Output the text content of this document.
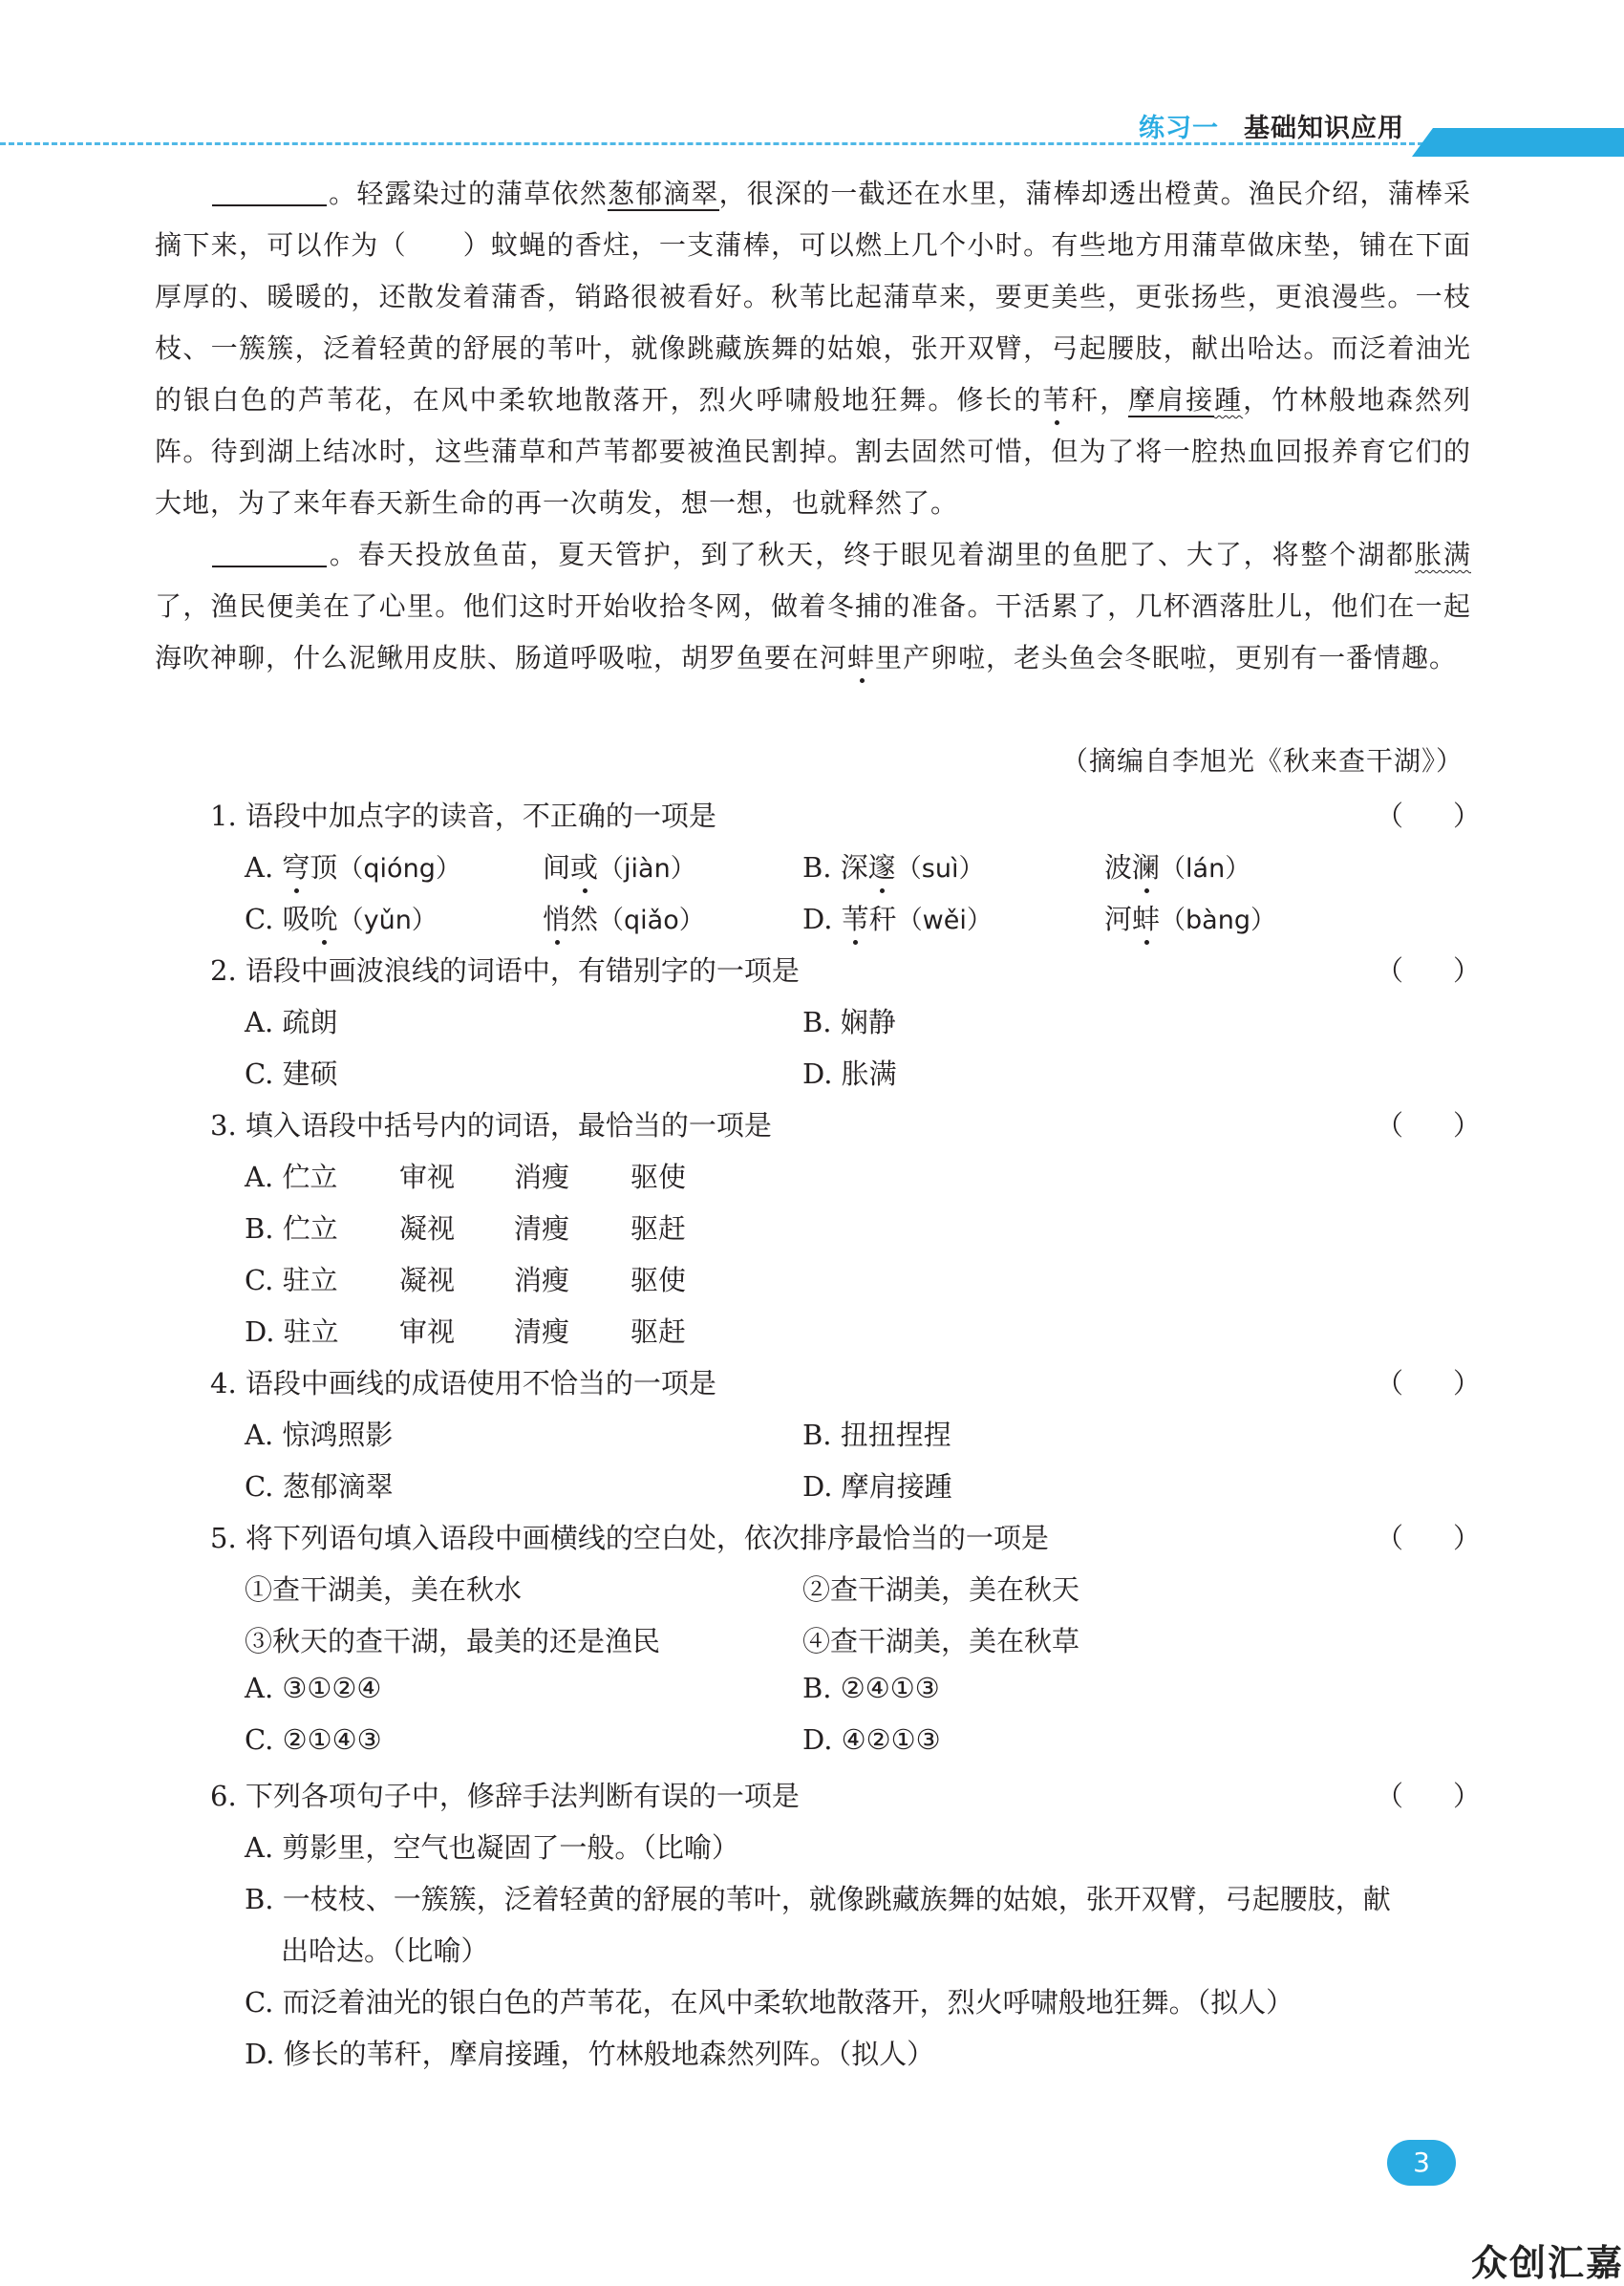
练习一 基础知识应用

。轻露染过的蒲草依然葱郁滴翠，很深的一截还在水里，蒲棒却透出橙黄。渔民介绍，蒲棒采摘下来，可以作为（　　）蚊蝇的香炷，一支蒲棒，可以燃上几个小时。有些地方用蒲草做床垫，铺在下面厚厚的、暖暖的，还散发着蒲香，销路很被看好。秋苇比起蒲草来，要更美些，更张扬些，更浪漫些。一枝枝、一簇簇，泛着轻黄的舒展的苇叶，就像跳藏族舞的姑娘，张开双臂，弓起腰肢，献出哈达。而泛着油光的银白色的芦苇花，在风中柔软地散落开，烈火呼啸般地狂舞。修长的苇秆，摩肩接踵，竹林般地森然列阵。待到湖上结冰时，这些蒲草和芦苇都要被渔民割掉。割去固然可惜，但为了将一腔热血回报养育它们的大地，为了来年春天新生命的再一次萌发，想一想，也就释然了。

。春天投放鱼苗，夏天管护，到了秋天，终于眼见着湖里的鱼肥了、大了，将整个湖都胀满了，渔民便美在了心里。他们这时开始收拾冬网，做着冬捕的准备。干活累了，几杯酒落肚儿，他们在一起海吹神聊，什么泥鳅用皮肤、肠道呼吸啦，胡罗鱼要在河蚌里产卵啦，老头鱼会冬眠啦，更别有一番情趣。

（摘编自李旭光《秋来查干湖》）
1. 语段中加点字的读音，不正确的一项是	（ ）
A. 穹顶（qióng）	间或（jiàn）	B. 深邃（suì）	波澜（lán）
C. 吸吮（yǔn）	悄然（qiǎo）	D. 苇秆（wěi）	河蚌（bàng）
2. 语段中画波浪线的词语中，有错别字的一项是	（ ）
A. 疏朗	B. 娴静
C. 建硕	D. 胀满
3. 填入语段中括号内的词语，最恰当的一项是	（ ）
A. 伫立 审视 消瘦 驱使
B. 伫立 凝视 清瘦 驱赶
C. 驻立 凝视 消瘦 驱使
D. 驻立 审视 清瘦 驱赶
4. 语段中画线的成语使用不恰当的一项是	（ ）
A. 惊鸿照影	B. 扭扭捏捏
C. 葱郁滴翠	D. 摩肩接踵
5. 将下列语句填入语段中画横线的空白处，依次排序最恰当的一项是	（ ）
①查干湖美，美在秋水	②查干湖美，美在秋天
③秋天的查干湖，最美的还是渔民	④查干湖美，美在秋草
A. ③①②④	B. ②④①③
C. ②①④③	D. ④②①③
6. 下列各项句子中，修辞手法判断有误的一项是	（ ）
A. 剪影里，空气也凝固了一般。（比喻）
B. 一枝枝、一簇簇，泛着轻黄的舒展的苇叶，就像跳藏族舞的姑娘，张开双臂，弓起腰肢，献
出哈达。（比喻）
C. 而泛着油光的银白色的芦苇花，在风中柔软地散落开，烈火呼啸般地狂舞。（拟人）
D. 修长的苇秆，摩肩接踵，竹林般地森然列阵。（拟人）
3
众创汇嘉
